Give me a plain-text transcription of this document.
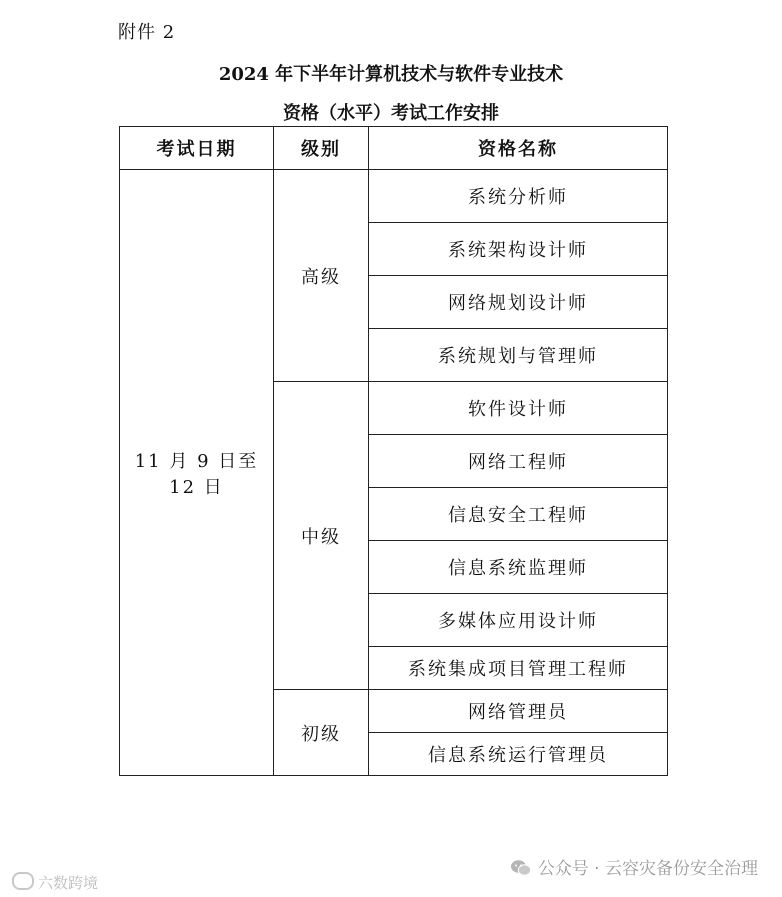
附件 2
2024 年下半年计算机技术与软件专业技术
资格（水平）考试工作安排
考试日期	级别	资格名称
11 月 9 日至 12 日	高级	系统分析师
		系统架构设计师
		网络规划设计师
		系统规划与管理师
	中级	软件设计师
		网络工程师
		信息安全工程师
		信息系统监理师
		多媒体应用设计师
		系统集成项目管理工程师
	初级	网络管理员
		信息系统运行管理员
公众号 · 云容灾备份安全治理
六数跨境
